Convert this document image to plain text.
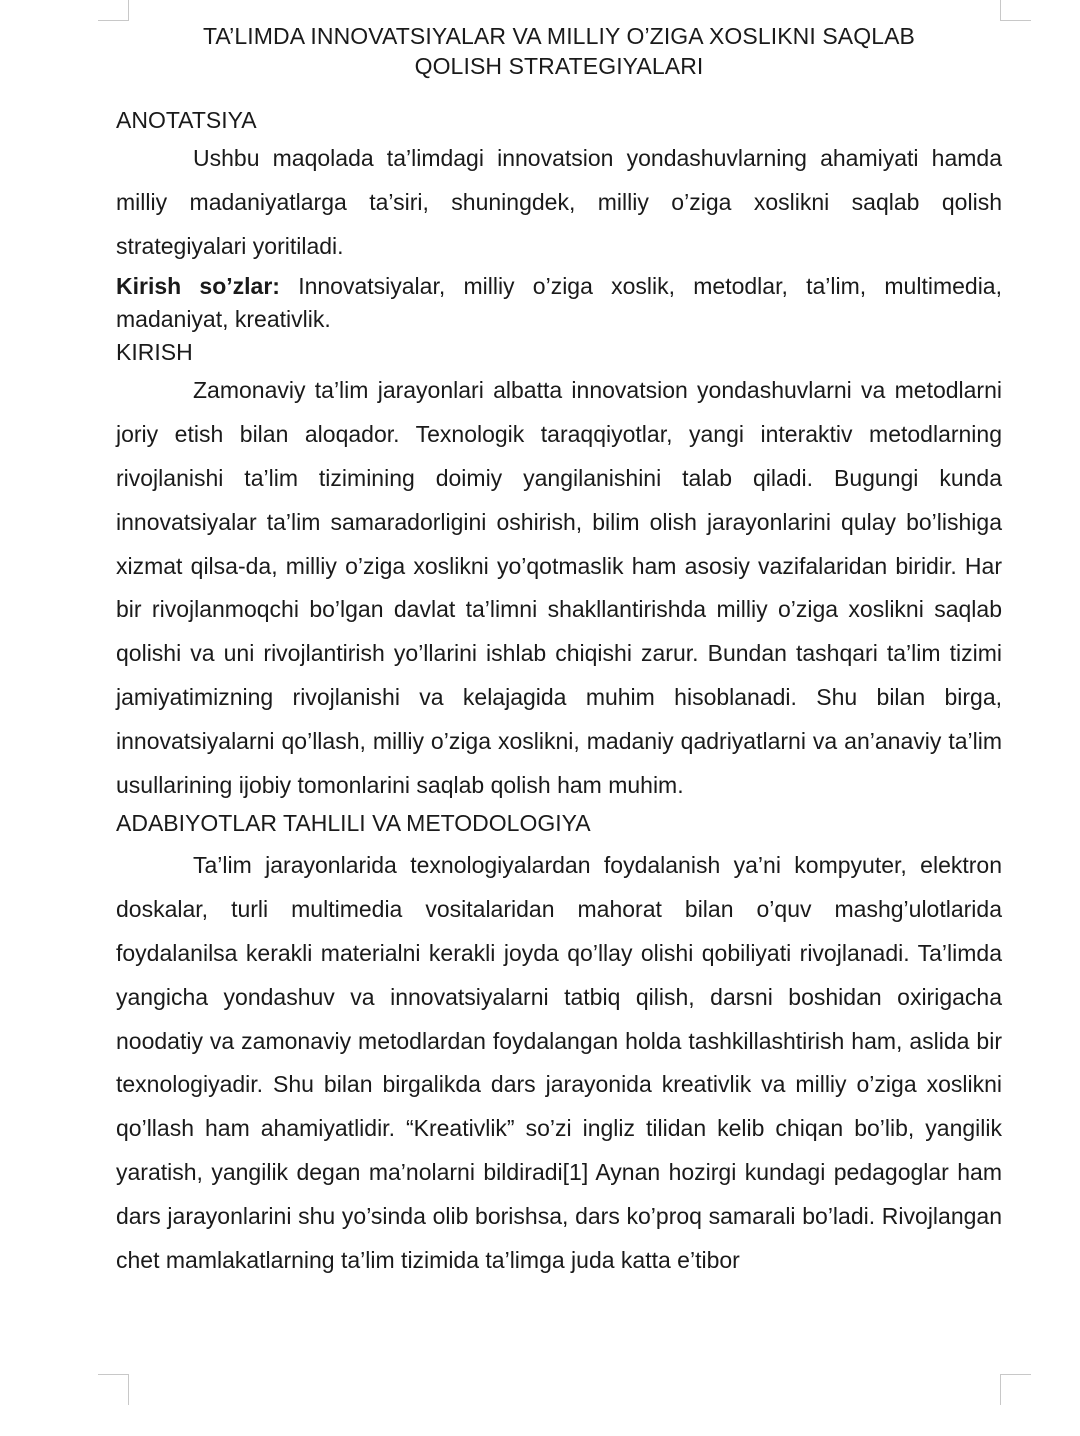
TA’LIMDA INNOVATSIYALAR VA MILLIY O’ZIGA XOSLIKNI SAQLAB
QOLISH STRATEGIYALARI
ANOTATSIYA

Ushbu maqolada ta’limdagi innovatsion yondashuvlarning ahamiyati hamda milliy madaniyatlarga ta’siri, shuningdek, milliy o’ziga xoslikni saqlab qolish strategiyalari yoritiladi.

Kirish so’zlar: Innovatsiyalar, milliy o’ziga xoslik, metodlar, ta’lim, multimedia, madaniyat, kreativlik.

KIRISH

Zamonaviy ta’lim jarayonlari albatta innovatsion yondashuvlarni va metodlarni joriy etish bilan aloqador. Texnologik taraqqiyotlar, yangi interaktiv metodlarning rivojlanishi ta’lim tizimining doimiy yangilanishini talab qiladi. Bugungi kunda innovatsiyalar ta’lim samaradorligini oshirish, bilim olish jarayonlarini qulay bo’lishiga xizmat qilsa-da, milliy o’ziga xoslikni yo’qotmaslik ham asosiy vazifalaridan biridir. Har bir rivojlanmoqchi bo’lgan davlat ta’limni shakllantirishda milliy o’ziga xoslikni saqlab qolishi va uni rivojlantirish yo’llarini ishlab chiqishi zarur. Bundan tashqari ta’lim tizimi jamiyatimizning rivojlanishi va kelajagida muhim hisoblanadi. Shu bilan birga, innovatsiyalarni qo’llash, milliy o’ziga xoslikni, madaniy qadriyatlarni va an’anaviy ta’lim usullarining ijobiy tomonlarini saqlab qolish ham muhim.

ADABIYOTLAR TAHLILI VA METODOLOGIYA

Ta’lim jarayonlarida texnologiyalardan foydalanish ya’ni kompyuter, elektron doskalar, turli multimedia vositalaridan mahorat bilan o’quv mashg’ulotlarida foydalanilsa kerakli materialni kerakli joyda qo’llay olishi qobiliyati rivojlanadi. Ta’limda yangicha yondashuv va innovatsiyalarni tatbiq qilish, darsni boshidan oxirigacha noodatiy va zamonaviy metodlardan foydalangan holda tashkillashtirish ham, aslida bir texnologiyadir. Shu bilan birgalikda dars jarayonida kreativlik va milliy o’ziga xoslikni qo’llash ham ahamiyatlidir. “Kreativlik” so’zi ingliz tilidan kelib chiqan bo’lib, yangilik yaratish, yangilik degan ma’nolarni bildiradi[1] Aynan hozirgi kundagi pedagoglar ham dars jarayonlarini shu yo’sinda olib borishsa, dars ko’proq samarali bo’ladi. Rivojlangan chet mamlakatlarning ta’lim tizimida ta’limga juda katta e’tibor
